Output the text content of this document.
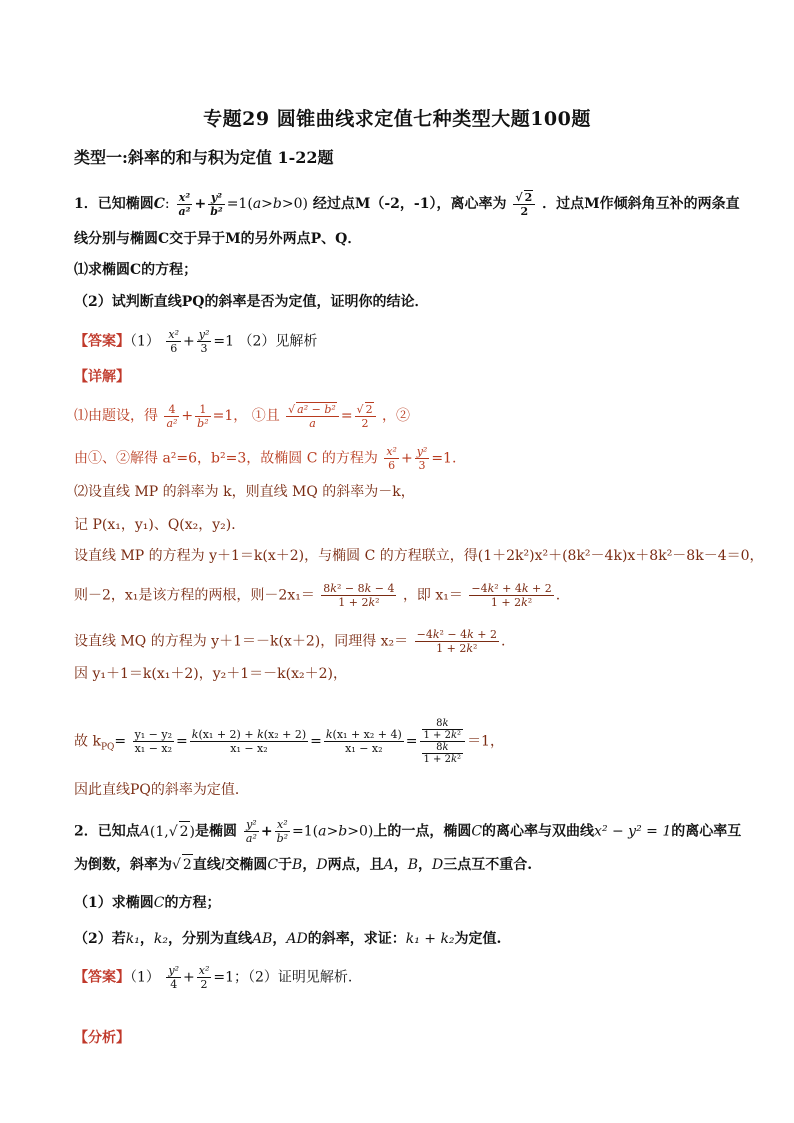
专题29 圆锥曲线求定值七种类型大题100题
类型一:斜率的和与积为定值 1-22题
1．已知椭圆C: $\frac{\text{x²}}{\text{a²}} + \frac{\text{y²}}{\text{b²}} =1(a>b>0)$ 经过点M（-2，-1），离心率为 $\frac{√ 2}{2}$ ．过点M作倾斜角互补的两条直
线分别与椭圆C交于异于M的另外两点P、Q．
⑴求椭圆C的方程；
（2）试判断直线PQ的斜率是否为定值，证明你的结论．
【答案】$(1) \frac{\text{x²}}{6} + \frac{\text{y²}}{3} =1$ （2）见解析
【详解】
⑴由题设，得 $\frac{4}{\text{a²}} + \frac{1}{\text{b²}} =1$， ①且 $\frac{\text{√ a² − b²}}{a} = \frac{√ 2}{2}$ ，②
由①、②解得 a²=6，b²=3，故椭圆 C 的方程为 $\frac{\text{x²}}{6} + \frac{\text{y²}}{3} =1$.
⑵设直线 MP 的斜率为 k，则直线 MQ 的斜率为－k，
记 P(x₁，y₁)、Q(x₂，y₂)．
设直线 MP 的方程为 y＋1＝k(x＋2)，与椭圆 C 的方程联立，得(1＋2k²)x²＋(8k²－4k)x＋8k²－8k－4＝0，
则－2，x₁是该方程的两根，则$-2x_1= \frac{\text{8k² − 8k − 4}}{\text{1 + 2k²}}$ ，即 $x_1= \frac{\text{−4k² + 4k + 2}}{\text{1 + 2k²}}$ .
设直线 MQ 的方程为 y＋1＝－k(x＋2)，同理得 $x_2= \frac{\text{−4k² − 4k + 2}}{\text{1 + 2k²}}$ .
因 y₁＋1＝k(x₁＋2)，y₂＋1＝－k(x₂＋2)，
故 $k_{PQ}= \frac{\text{y₁ − y₂}}{\text{x₁ − x₂}} = \frac{\text{k(x₁ + 2) + k(x₂ + 2)}}{\text{x₁ − x₂}} = \frac{\text{k(x₁ + x₂ + 4)}}{\text{x₁ − x₂}} = \frac{\frac{8k}{\text{1 + 2k²}}}{\frac{8k}{\text{1 + 2k²}}} =1$，
因此直线PQ的斜率为定值．
2．已知点A(1,√ 2)是椭圆 $\frac{\text{y²}}{\text{a²}} + \frac{\text{x²}}{\text{b²}} =1(a>b>0)$上的一点，椭圆C的离心率与双曲线x² − y² = 1的离心率互
为倒数，斜率为√ 2直线l交椭圆C于B，D两点，且A，B，D三点互不重合.
（1）求椭圆C的方程；
（2）若k₁，k₂，分别为直线AB，AD的斜率，求证：k₁ + k₂为定值.
【答案】$(1) \frac{\text{y²}}{4} + \frac{\text{x²}}{2} =1$；（2）证明见解析.
【分析】
